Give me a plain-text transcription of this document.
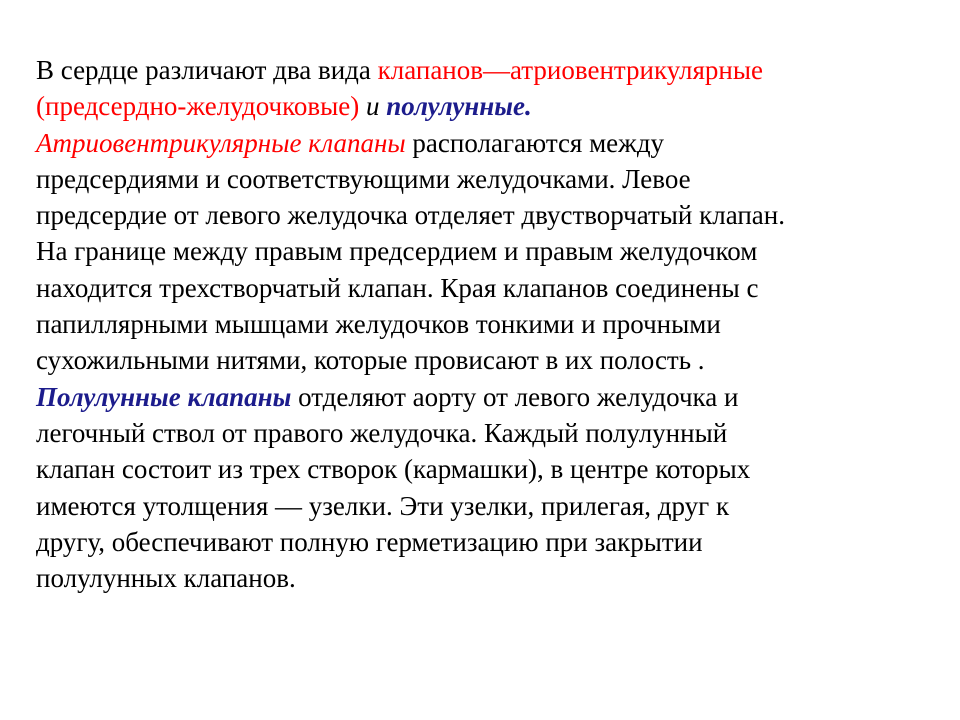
В сердце различают два вида клапанов—атриовентрикулярные
(предсердно-желудочковые) и полулунные.
Атриовентрикулярные клапаны располагаются между
предсердиями и соответствующими желудочками. Левое
предсердие от левого желудочка отделяет двустворчатый клапан.
На границе между правым предсердием и правым желудочком
находится трехстворчатый клапан. Края клапанов соединены с
папиллярными мышцами желудочков тонкими и прочными
сухожильными нитями, которые провисают в их полость .
Полулунные клапаны отделяют аорту от левого желудочка и
легочный ствол от правого желудочка. Каждый полулунный
клапан состоит из трех створок (кармашки), в центре которых
имеются утолщения — узелки. Эти узелки, прилегая, друг к
другу, обеспечивают полную герметизацию при закрытии
полулунных клапанов.
